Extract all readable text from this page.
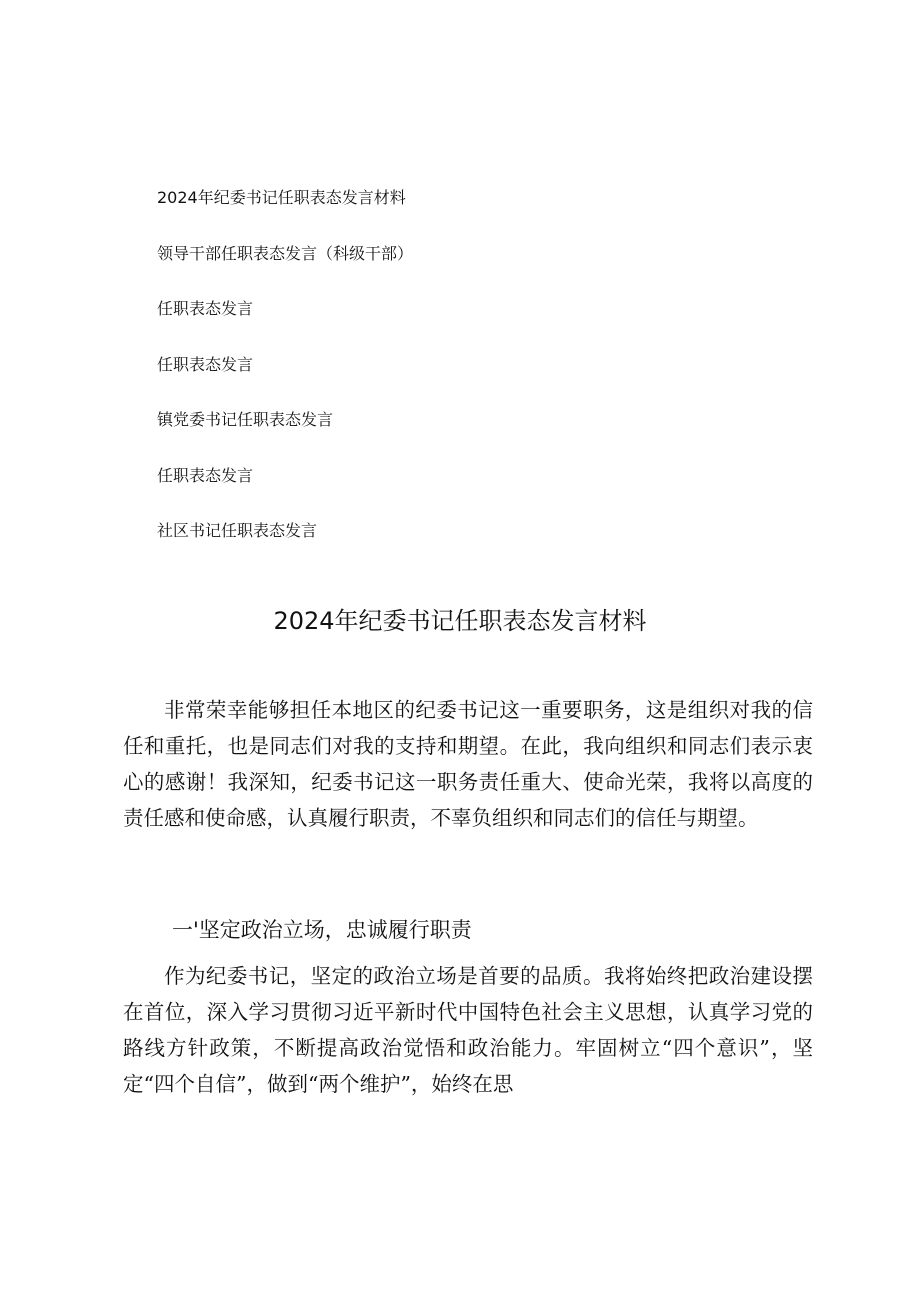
2024年纪委书记任职表态发言材料
领导干部任职表态发言（科级干部）
任职表态发言
任职表态发言
镇党委书记任职表态发言
任职表态发言
社区书记任职表态发言
2024年纪委书记任职表态发言材料

非常荣幸能够担任本地区的纪委书记这一重要职务，这是组织对我的信任和重托，也是同志们对我的支持和期望。在此，我向组织和同志们表示衷心的感谢！我深知，纪委书记这一职务责任重大、使命光荣，我将以高度的责任感和使命感，认真履行职责，不辜负组织和同志们的信任与期望。

一'坚定政治立场，忠诚履行职责

作为纪委书记，坚定的政治立场是首要的品质。我将始终把政治建设摆在首位，深入学习贯彻习近平新时代中国特色社会主义思想，认真学习党的路线方针政策，不断提高政治觉悟和政治能力。牢固树立“四个意识”，坚定“四个自信”，做到“两个维护”，始终在思
